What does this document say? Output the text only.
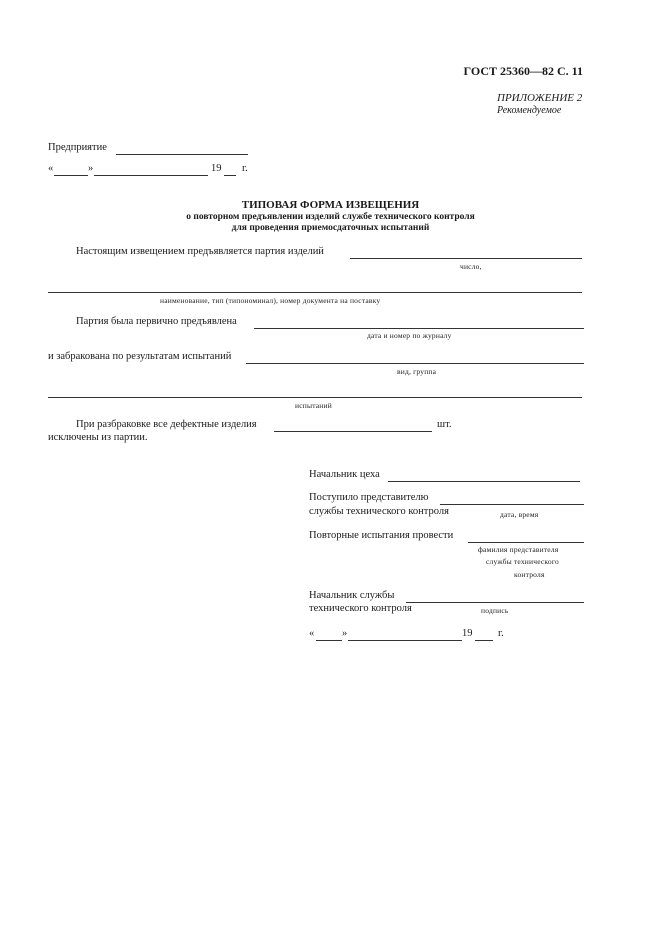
ГОСТ 25360—82 С. 11
ПРИЛОЖЕНИЕ 2
Рекомендуемое
Предприятие
«	»	19 г.
ТИПОВАЯ ФОРМА ИЗВЕЩЕНИЯ
о повторном предъявлении изделий службе технического контроля
для проведения приемосдаточных испытаний
Настоящим извещением предъявляется партия изделий
число,
наименование, тип (типономинал), номер документа на поставку
Партия была первично предъявлена
дата и номер по журналу
и забракована по результатам испытаний
вид, группа
испытаний
При разбраковке все дефектные изделия	шт.
исключены из партии.
Начальник цеха
Поступило представителю
службы технического контроля	дата, время
Повторные испытания провести
фамилия представителя
службы технического
контроля
Начальник службы
технического контроля	подпись
«	»	19 г.
